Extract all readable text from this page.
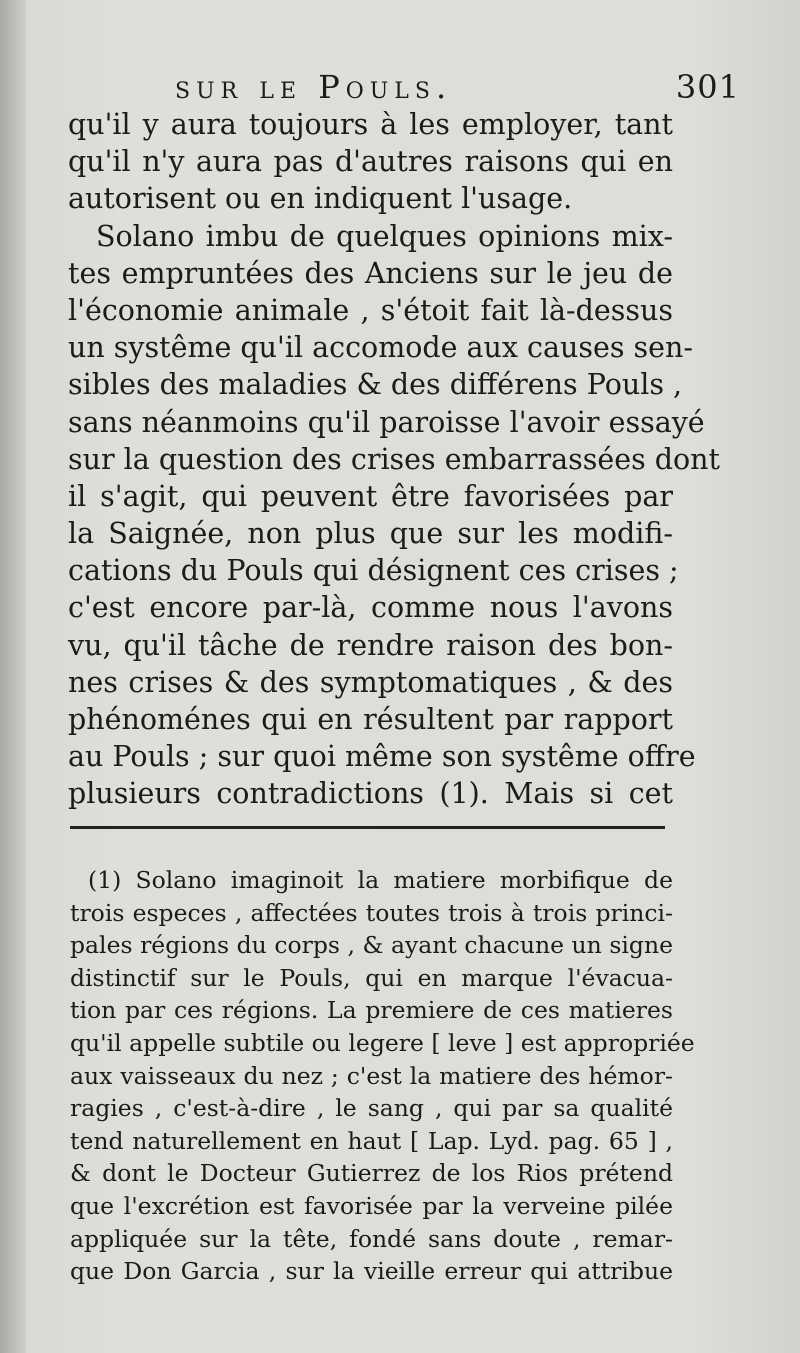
sur le Pouls.	301
qu'il y aura toujours à les employer, tant
qu'il n'y aura pas d'autres raisons qui en
autorisent ou en indiquent l'usage.
Solano imbu de quelques opinions mix-
tes empruntées des Anciens sur le jeu de
l'économie animale , s'étoit fait là-dessus
un systême qu'il accomode aux causes sen-
sibles des maladies & des différens Pouls ,
sans néanmoins qu'il paroisse l'avoir essayé
sur la question des crises embarrassées dont
il s'agit, qui peuvent être favorisées par
la Saignée, non plus que sur les modifi-
cations du Pouls qui désignent ces crises ;
c'est encore par-là, comme nous l'avons
vu, qu'il tâche de rendre raison des bon-
nes crises & des symptomatiques , & des
phénoménes qui en résultent par rapport
au Pouls ; sur quoi même son systême offre
plusieurs contradictions (1). Mais si cet
(1) Solano imaginoit la matiere morbifique de
trois especes , affectées toutes trois à trois princi-
pales régions du corps , & ayant chacune un signe
distinctif sur le Pouls, qui en marque l'évacua-
tion par ces régions. La premiere de ces matieres
qu'il appelle subtile ou legere [ leve ] est appropriée
aux vaisseaux du nez ; c'est la matiere des hémor-
ragies , c'est-à-dire , le sang , qui par sa qualité
tend naturellement en haut [ Lap. Lyd. pag. 65 ] ,
& dont le Docteur Gutierrez de los Rios prétend
que l'excrétion est favorisée par la verveine pilée
appliquée sur la tête, fondé sans doute , remar-
que Don Garcia , sur la vieille erreur qui attribue
